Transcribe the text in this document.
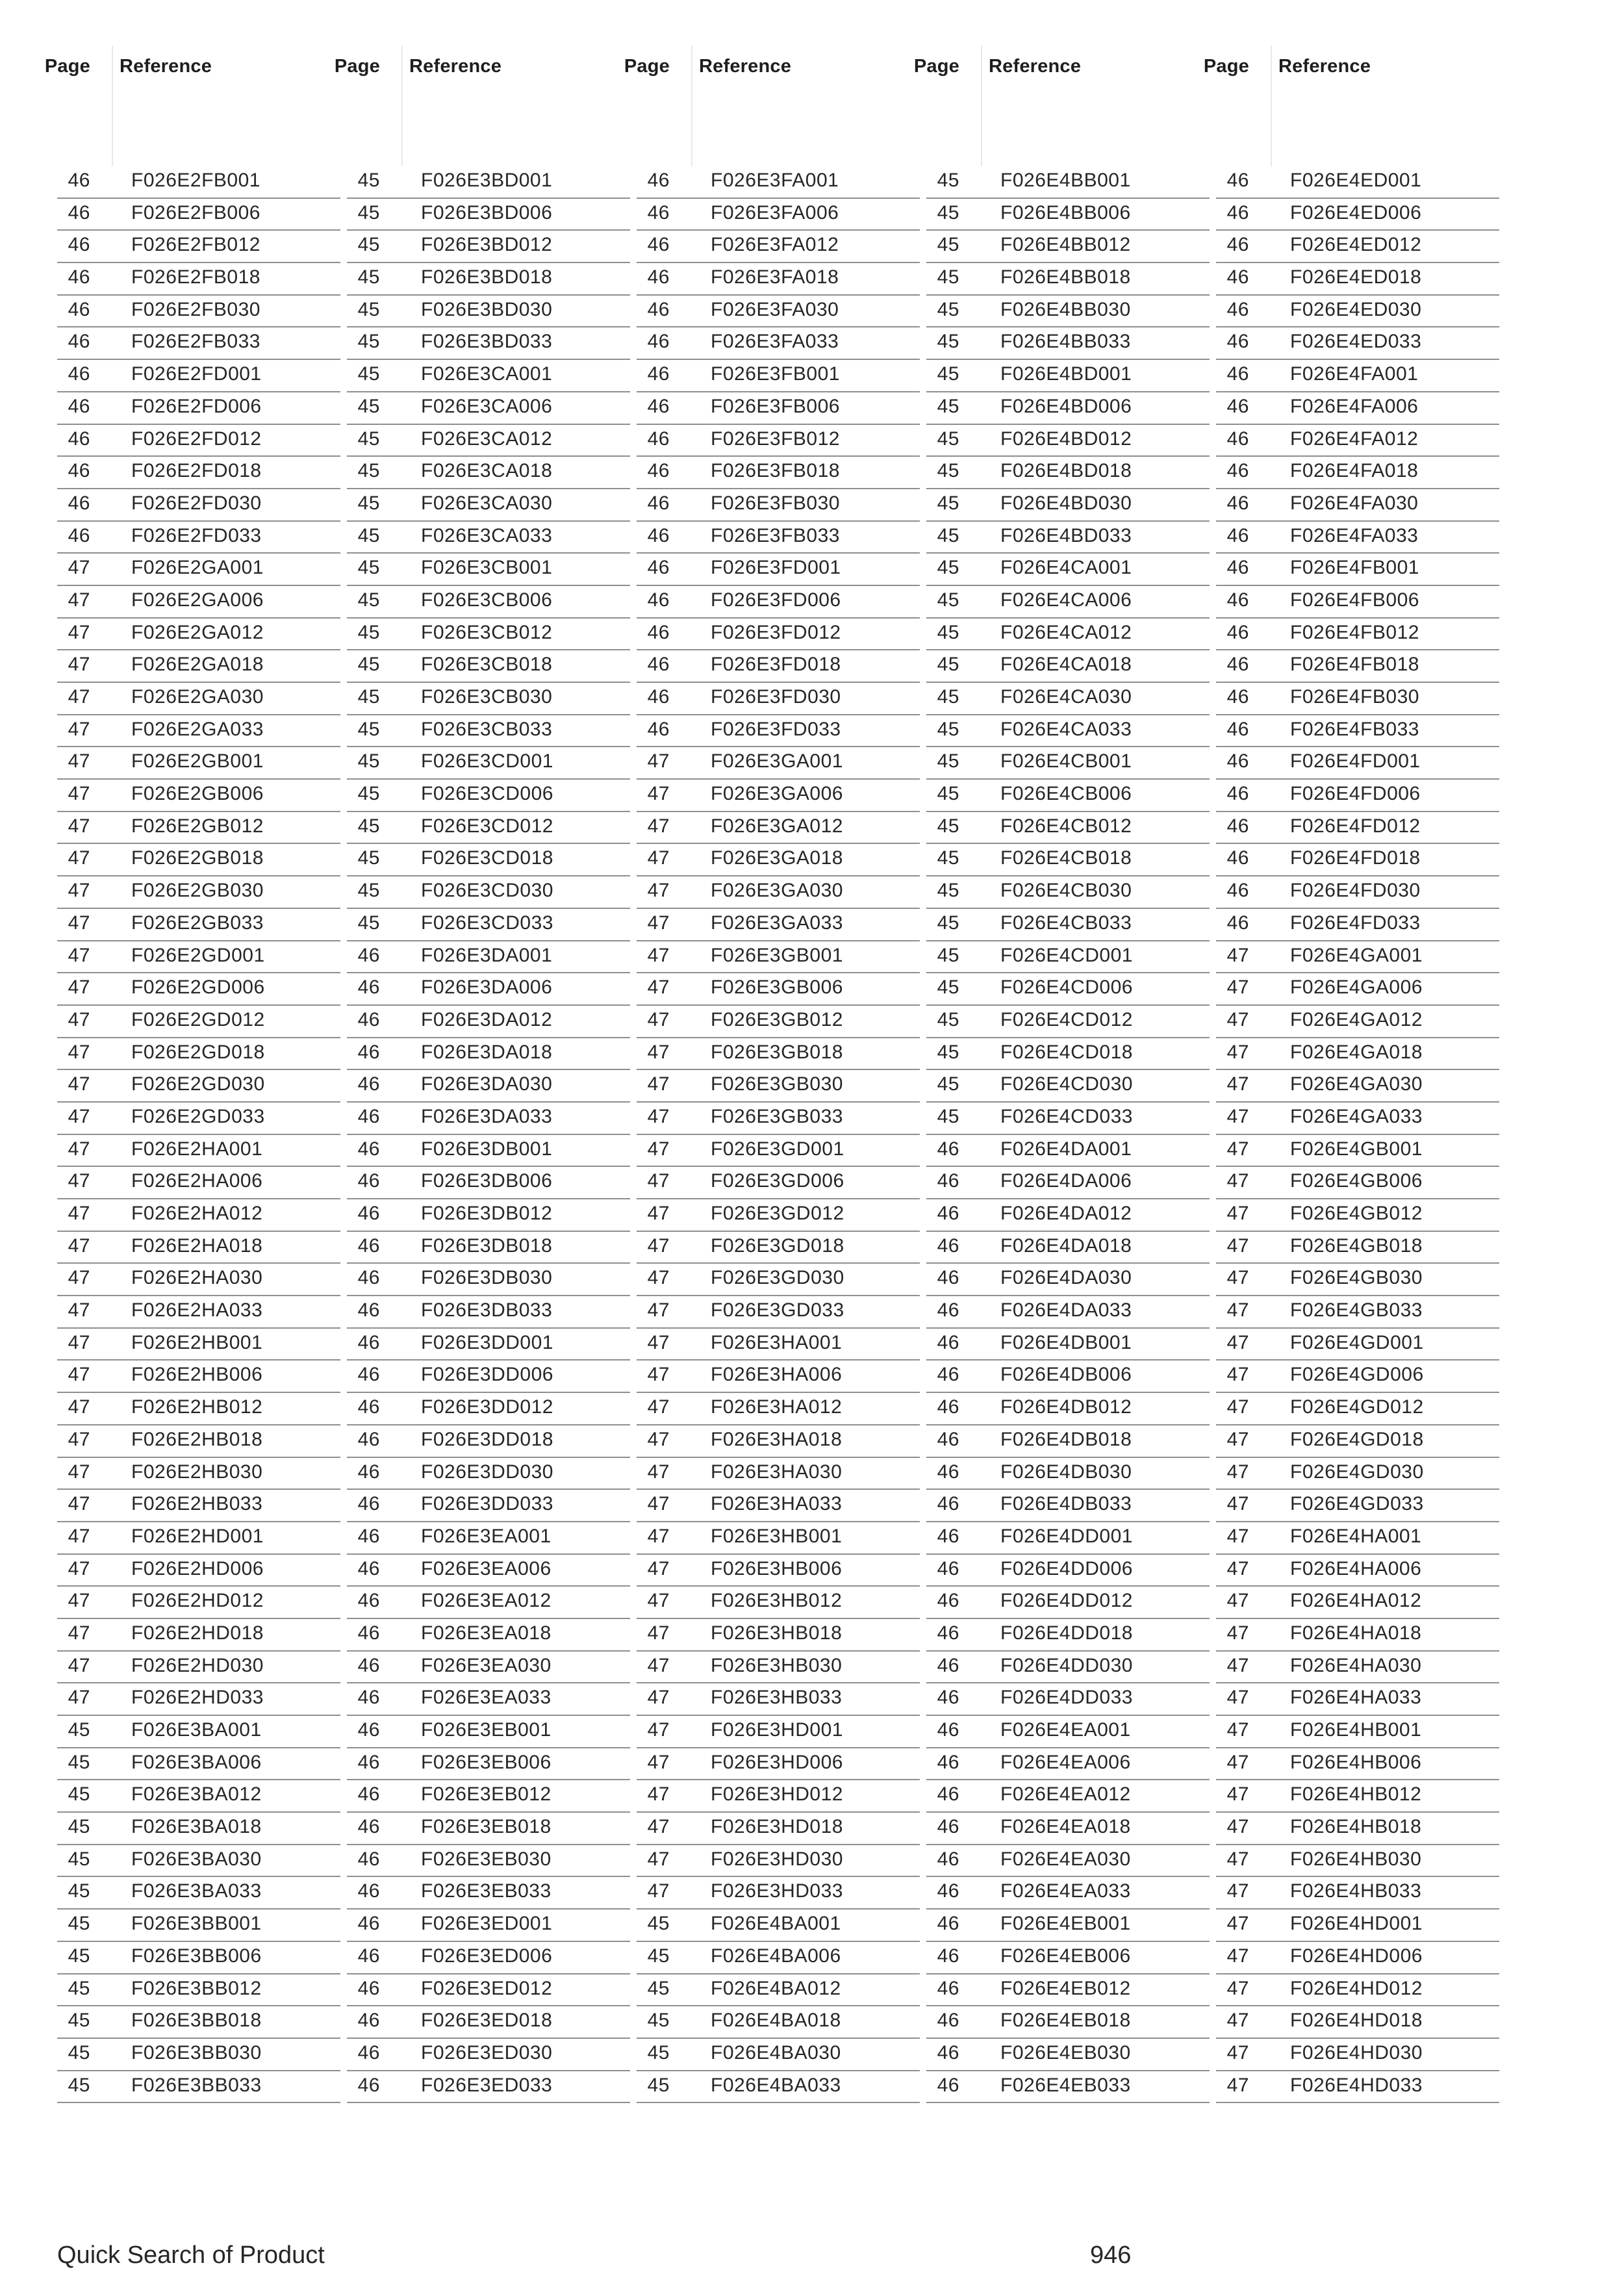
Page Reference
46 F026E2FB001
46 F026E2FB006
46 F026E2FB012
46 F026E2FB018
46 F026E2FB030
46 F026E2FB033
46 F026E2FD001
46 F026E2FD006
46 F026E2FD012
46 F026E2FD018
46 F026E2FD030
46 F026E2FD033
47 F026E2GA001
47 F026E2GA006
47 F026E2GA012
47 F026E2GA018
47 F026E2GA030
47 F026E2GA033
47 F026E2GB001
47 F026E2GB006
47 F026E2GB012
47 F026E2GB018
47 F026E2GB030
47 F026E2GB033
47 F026E2GD001
47 F026E2GD006
47 F026E2GD012
47 F026E2GD018
47 F026E2GD030
47 F026E2GD033
47 F026E2HA001
47 F026E2HA006
47 F026E2HA012
47 F026E2HA018
47 F026E2HA030
47 F026E2HA033
47 F026E2HB001
47 F026E2HB006
47 F026E2HB012
47 F026E2HB018
47 F026E2HB030
47 F026E2HB033
47 F026E2HD001
47 F026E2HD006
47 F026E2HD012
47 F026E2HD018
47 F026E2HD030
47 F026E2HD033
45 F026E3BA001
45 F026E3BA006
45 F026E3BA012
45 F026E3BA018
45 F026E3BA030
45 F026E3BA033
45 F026E3BB001
45 F026E3BB006
45 F026E3BB012
45 F026E3BB018
45 F026E3BB030
45 F026E3BB033
Page Reference
45 F026E3BD001
45 F026E3BD006
45 F026E3BD012
45 F026E3BD018
45 F026E3BD030
45 F026E3BD033
45 F026E3CA001
45 F026E3CA006
45 F026E3CA012
45 F026E3CA018
45 F026E3CA030
45 F026E3CA033
45 F026E3CB001
45 F026E3CB006
45 F026E3CB012
45 F026E3CB018
45 F026E3CB030
45 F026E3CB033
45 F026E3CD001
45 F026E3CD006
45 F026E3CD012
45 F026E3CD018
45 F026E3CD030
45 F026E3CD033
46 F026E3DA001
46 F026E3DA006
46 F026E3DA012
46 F026E3DA018
46 F026E3DA030
46 F026E3DA033
46 F026E3DB001
46 F026E3DB006
46 F026E3DB012
46 F026E3DB018
46 F026E3DB030
46 F026E3DB033
46 F026E3DD001
46 F026E3DD006
46 F026E3DD012
46 F026E3DD018
46 F026E3DD030
46 F026E3DD033
46 F026E3EA001
46 F026E3EA006
46 F026E3EA012
46 F026E3EA018
46 F026E3EA030
46 F026E3EA033
46 F026E3EB001
46 F026E3EB006
46 F026E3EB012
46 F026E3EB018
46 F026E3EB030
46 F026E3EB033
46 F026E3ED001
46 F026E3ED006
46 F026E3ED012
46 F026E3ED018
46 F026E3ED030
46 F026E3ED033
Page Reference
46 F026E3FA001
46 F026E3FA006
46 F026E3FA012
46 F026E3FA018
46 F026E3FA030
46 F026E3FA033
46 F026E3FB001
46 F026E3FB006
46 F026E3FB012
46 F026E3FB018
46 F026E3FB030
46 F026E3FB033
46 F026E3FD001
46 F026E3FD006
46 F026E3FD012
46 F026E3FD018
46 F026E3FD030
46 F026E3FD033
47 F026E3GA001
47 F026E3GA006
47 F026E3GA012
47 F026E3GA018
47 F026E3GA030
47 F026E3GA033
47 F026E3GB001
47 F026E3GB006
47 F026E3GB012
47 F026E3GB018
47 F026E3GB030
47 F026E3GB033
47 F026E3GD001
47 F026E3GD006
47 F026E3GD012
47 F026E3GD018
47 F026E3GD030
47 F026E3GD033
47 F026E3HA001
47 F026E3HA006
47 F026E3HA012
47 F026E3HA018
47 F026E3HA030
47 F026E3HA033
47 F026E3HB001
47 F026E3HB006
47 F026E3HB012
47 F026E3HB018
47 F026E3HB030
47 F026E3HB033
47 F026E3HD001
47 F026E3HD006
47 F026E3HD012
47 F026E3HD018
47 F026E3HD030
47 F026E3HD033
45 F026E4BA001
45 F026E4BA006
45 F026E4BA012
45 F026E4BA018
45 F026E4BA030
45 F026E4BA033
Page Reference
45 F026E4BB001
45 F026E4BB006
45 F026E4BB012
45 F026E4BB018
45 F026E4BB030
45 F026E4BB033
45 F026E4BD001
45 F026E4BD006
45 F026E4BD012
45 F026E4BD018
45 F026E4BD030
45 F026E4BD033
45 F026E4CA001
45 F026E4CA006
45 F026E4CA012
45 F026E4CA018
45 F026E4CA030
45 F026E4CA033
45 F026E4CB001
45 F026E4CB006
45 F026E4CB012
45 F026E4CB018
45 F026E4CB030
45 F026E4CB033
45 F026E4CD001
45 F026E4CD006
45 F026E4CD012
45 F026E4CD018
45 F026E4CD030
45 F026E4CD033
46 F026E4DA001
46 F026E4DA006
46 F026E4DA012
46 F026E4DA018
46 F026E4DA030
46 F026E4DA033
46 F026E4DB001
46 F026E4DB006
46 F026E4DB012
46 F026E4DB018
46 F026E4DB030
46 F026E4DB033
46 F026E4DD001
46 F026E4DD006
46 F026E4DD012
46 F026E4DD018
46 F026E4DD030
46 F026E4DD033
46 F026E4EA001
46 F026E4EA006
46 F026E4EA012
46 F026E4EA018
46 F026E4EA030
46 F026E4EA033
46 F026E4EB001
46 F026E4EB006
46 F026E4EB012
46 F026E4EB018
46 F026E4EB030
46 F026E4EB033
Page Reference
46 F026E4ED001
46 F026E4ED006
46 F026E4ED012
46 F026E4ED018
46 F026E4ED030
46 F026E4ED033
46 F026E4FA001
46 F026E4FA006
46 F026E4FA012
46 F026E4FA018
46 F026E4FA030
46 F026E4FA033
46 F026E4FB001
46 F026E4FB006
46 F026E4FB012
46 F026E4FB018
46 F026E4FB030
46 F026E4FB033
46 F026E4FD001
46 F026E4FD006
46 F026E4FD012
46 F026E4FD018
46 F026E4FD030
46 F026E4FD033
47 F026E4GA001
47 F026E4GA006
47 F026E4GA012
47 F026E4GA018
47 F026E4GA030
47 F026E4GA033
47 F026E4GB001
47 F026E4GB006
47 F026E4GB012
47 F026E4GB018
47 F026E4GB030
47 F026E4GB033
47 F026E4GD001
47 F026E4GD006
47 F026E4GD012
47 F026E4GD018
47 F026E4GD030
47 F026E4GD033
47 F026E4HA001
47 F026E4HA006
47 F026E4HA012
47 F026E4HA018
47 F026E4HA030
47 F026E4HA033
47 F026E4HB001
47 F026E4HB006
47 F026E4HB012
47 F026E4HB018
47 F026E4HB030
47 F026E4HB033
47 F026E4HD001
47 F026E4HD006
47 F026E4HD012
47 F026E4HD018
47 F026E4HD030
47 F026E4HD033
Quick Search of Product	946
